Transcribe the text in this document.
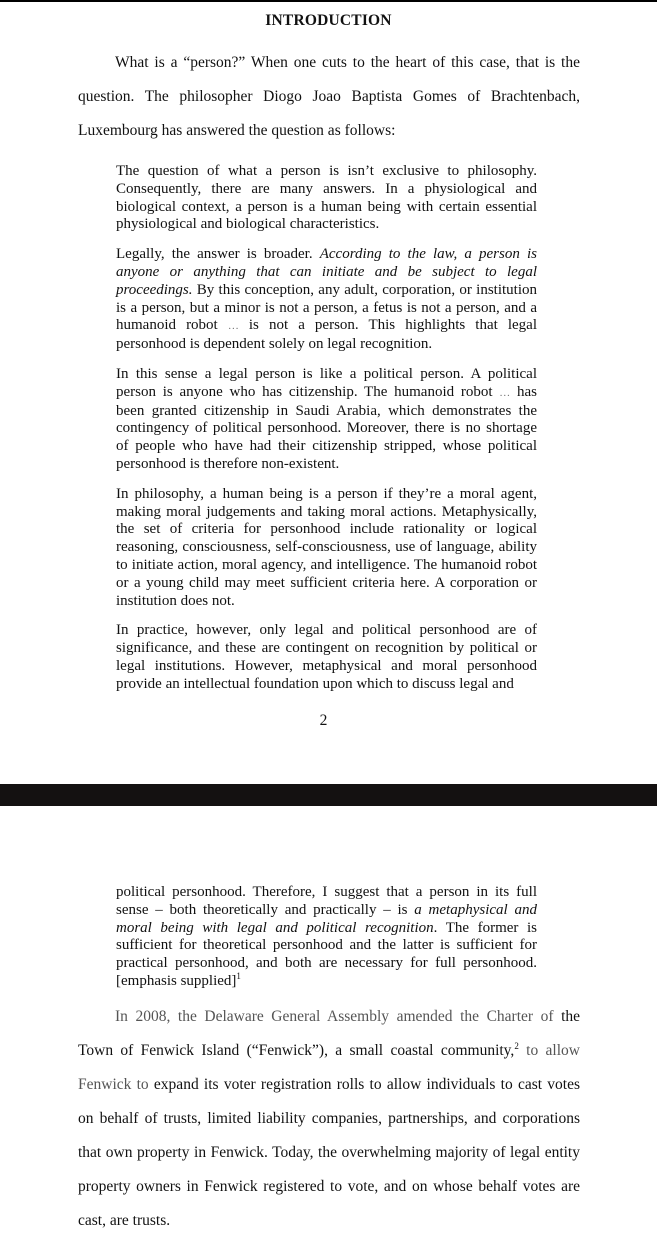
INTRODUCTION
What is a “person?” When one cuts to the heart of this case, that is the question. The philosopher Diogo Joao Baptista Gomes of Brachtenbach, Luxembourg has answered the question as follows:

The question of what a person is isn’t exclusive to philosophy. Consequently, there are many answers. In a physiological and biological context, a person is a human being with certain essential physiological and biological characteristics.

Legally, the answer is broader. According to the law, a person is anyone or anything that can initiate and be subject to legal proceedings. By this conception, any adult, corporation, or institution is a person, but a minor is not a person, a fetus is not a person, and a humanoid robot … is not a person. This highlights that legal personhood is dependent solely on legal recognition.

In this sense a legal person is like a political person. A political person is anyone who has citizenship. The humanoid robot … has been granted citizenship in Saudi Arabia, which demonstrates the contingency of political personhood. Moreover, there is no shortage of people who have had their citizenship stripped, whose political personhood is therefore non-existent.

In philosophy, a human being is a person if they’re a moral agent, making moral judgements and taking moral actions. Metaphysically, the set of criteria for personhood include rationality or logical reasoning, consciousness, self-consciousness, use of language, ability to initiate action, moral agency, and intelligence. The humanoid robot or a young child may meet sufficient criteria here. A corporation or institution does not.

In practice, however, only legal and political personhood are of significance, and these are contingent on recognition by political or legal institutions. However, metaphysical and moral personhood provide an intellectual foundation upon which to discuss legal and

2

political personhood. Therefore, I suggest that a person in its full sense – both theoretically and practically – is a metaphysical and moral being with legal and political recognition. The former is sufficient for theoretical personhood and the latter is sufficient for practical personhood, and both are necessary for full personhood. [emphasis supplied]$^1$

In 2008, the Delaware General Assembly amended the Charter of the Town of Fenwick Island (“Fenwick”), a small coastal community,$^2$ to allow Fenwick to expand its voter registration rolls to allow individuals to cast votes on behalf of trusts, limited liability companies, partnerships, and corporations that own property in Fenwick. Today, the overwhelming majority of legal entity property owners in Fenwick registered to vote, and on whose behalf votes are cast, are trusts.
